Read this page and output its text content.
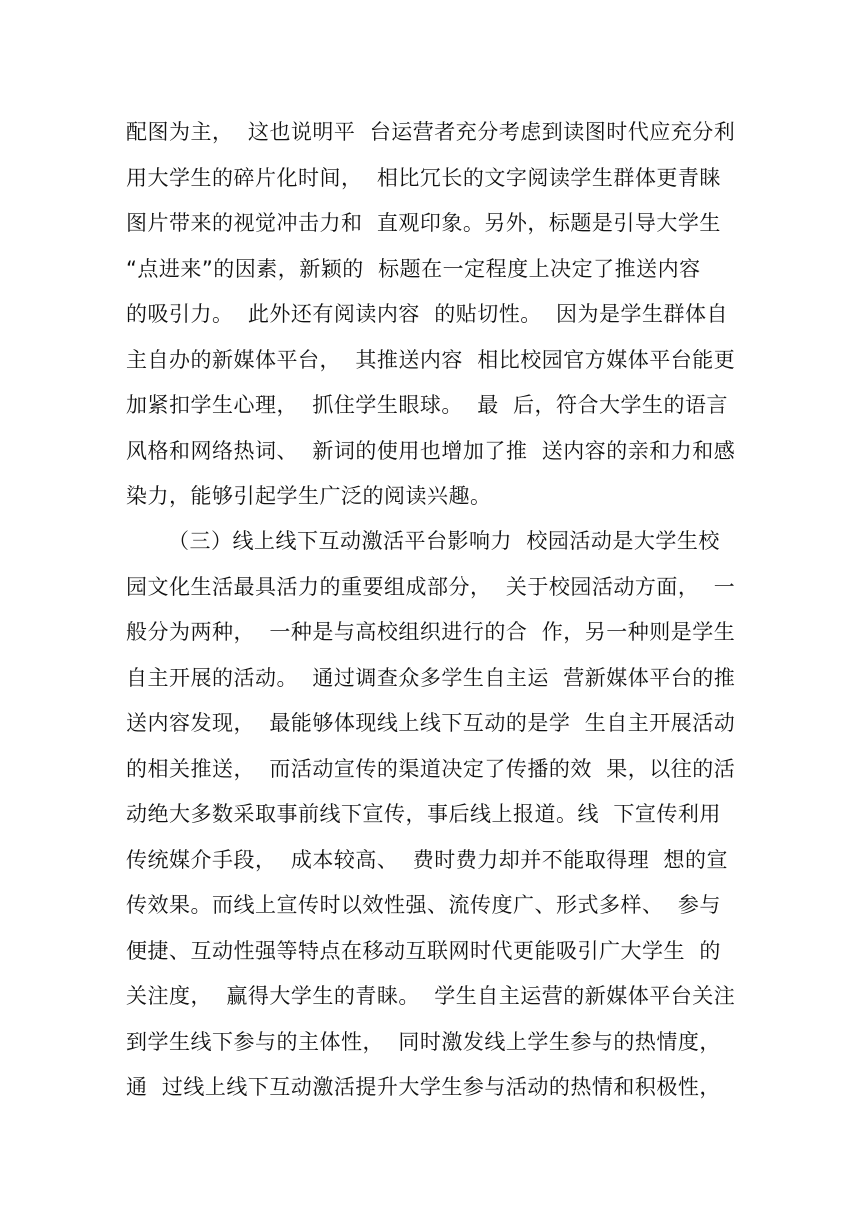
配图为主，  这也说明平  台运营者充分考虑到读图时代应充分利
用大学生的碎片化时间，  相比冗长的文字阅读学生群体更青睐
图片带来的视觉冲击力和  直观印象。另外，标题是引导大学生
“点进来”的因素，新颖的  标题在一定程度上决定了推送内容
的吸引力。  此外还有阅读内容  的贴切性。  因为是学生群体自
主自办的新媒体平台，  其推送内容  相比校园官方媒体平台能更
加紧扣学生心理，  抓住学生眼球。  最  后，符合大学生的语言
风格和网络热词、  新词的使用也增加了推  送内容的亲和力和感
染力，能够引起学生广泛的阅读兴趣。
（三）线上线下互动激活平台影响力  校园活动是大学生校
园文化生活最具活力的重要组成部分，  关于校园活动方面，  一
般分为两种，  一种是与高校组织进行的合  作，另一种则是学生
自主开展的活动。  通过调查众多学生自主运  营新媒体平台的推
送内容发现，  最能够体现线上线下互动的是学  生自主开展活动
的相关推送，  而活动宣传的渠道决定了传播的效  果，以往的活
动绝大多数采取事前线下宣传，事后线上报道。线  下宣传利用
传统媒介手段，  成本较高、  费时费力却并不能取得理  想的宣
传效果。而线上宣传时以效性强、流传度广、形式多样、  参与
便捷、互动性强等特点在移动互联网时代更能吸引广大学生  的
关注度，  赢得大学生的青睐。  学生自主运营的新媒体平台关注
到学生线下参与的主体性，  同时激发线上学生参与的热情度，
通  过线上线下互动激活提升大学生参与活动的热情和积极性，
